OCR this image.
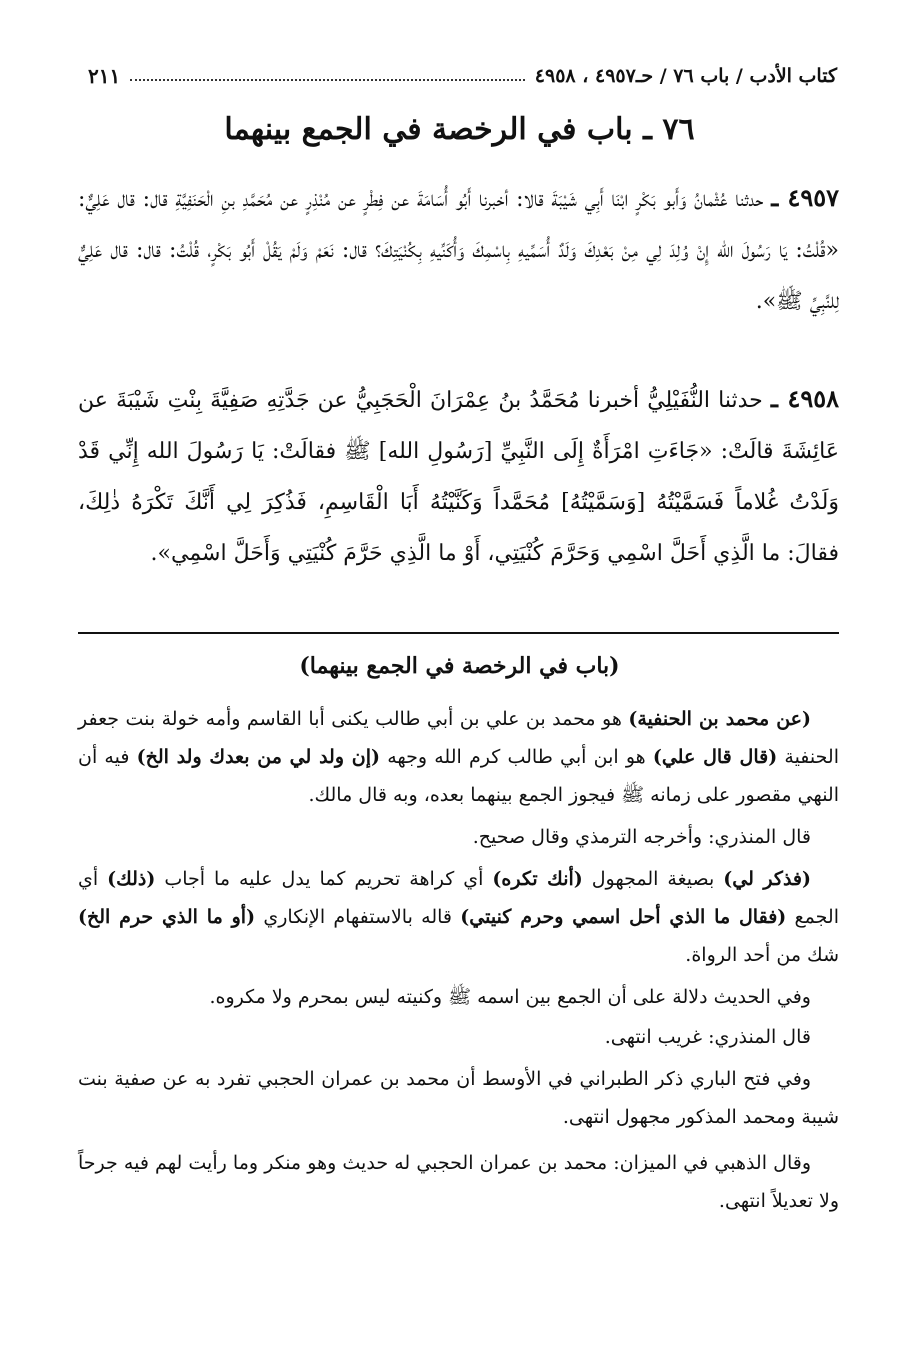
كتاب الأدب / باب ٧٦ / حـ٤٩٥٧ ، ٤٩٥٨
٢١١
٧٦ ـ باب في الرخصة في الجمع بينهما
٤٩٥٧ ـ حدثنا عُثْمانُ وَأَبو بَكْرٍ ابْنَا أَبِي شَيْبَةَ قالا: أخبرنا أَبُو أُسَامَةَ عن فِطْرٍ عن مُنْذِرٍ عن مُحَمَّدِ بنِ الْحَنَفِيَّةِ قال: قال عَلِيٌّ: «قُلْتُ: يَا رَسُولَ الله إِنْ وُلِدَ لِي مِنْ بَعْدِكَ وَلَدٌ أُسَمِّيهِ بِاسْمِكَ وَأُكَنِّيهِ بِكُنْيَتِكَ؟ قال: نَعَمْ وَلَمْ يَقُلْ أَبُو بَكْرٍ، قُلْتُ: قال: قال عَلِيٌّ لِلنَّبِيِّ ﷺ».
٤٩٥٨ ـ حدثنا النُّفَيْلِيُّ أخبرنا مُحَمَّدُ بنُ عِمْرَانَ الْحَجَبِيُّ عن جَدَّتِهِ صَفِيَّةَ بِنْتِ شَيْبَةَ عن عَائِشَةَ قالَتْ: «جَاءَتِ امْرَأَةٌ إِلَى النَّبِيِّ [رَسُولِ الله] ﷺ فقالَتْ: يَا رَسُولَ الله إِنِّي قَدْ وَلَدْتُ غُلاماً فَسَمَّيْتُهُ [وَسَمَّيْتُهُ] مُحَمَّداً وَكَنَّيْتُهُ أَبَا الْقَاسِمِ، فَذُكِرَ لِي أَنَّكَ تَكْرَهُ ذٰلِكَ، فقالَ: ما الَّذِي أَحَلَّ اسْمِي وَحَرَّمَ كُنْيَتِي، أَوْ ما الَّذِي حَرَّمَ كُنْيَتِي وَأَحَلَّ اسْمِي».
(باب في الرخصة في الجمع بينهما)
(عن محمد بن الحنفية) هو محمد بن علي بن أبي طالب يكنى أبا القاسم وأمه خولة بنت جعفر الحنفية (قال قال علي) هو ابن أبي طالب كرم الله وجهه (إن ولد لي من بعدك ولد الخ) فيه أن النهي مقصور على زمانه ﷺ فيجوز الجمع بينهما بعده، وبه قال مالك.
قال المنذري: وأخرجه الترمذي وقال صحيح.
(فذكر لي) بصيغة المجهول (أنك تكره) أي كراهة تحريم كما يدل عليه ما أجاب (ذلك) أي الجمع (فقال ما الذي أحل اسمي وحرم كنيتي) قاله بالاستفهام الإنكاري (أو ما الذي حرم الخ) شك من أحد الرواة.
وفي الحديث دلالة على أن الجمع بين اسمه ﷺ وكنيته ليس بمحرم ولا مكروه.
قال المنذري: غريب انتهى.
وفي فتح الباري ذكر الطبراني في الأوسط أن محمد بن عمران الحجبي تفرد به عن صفية بنت شيبة ومحمد المذكور مجهول انتهى.
وقال الذهبي في الميزان: محمد بن عمران الحجبي له حديث وهو منكر وما رأيت لهم فيه جرحاً ولا تعديلاً انتهى.
